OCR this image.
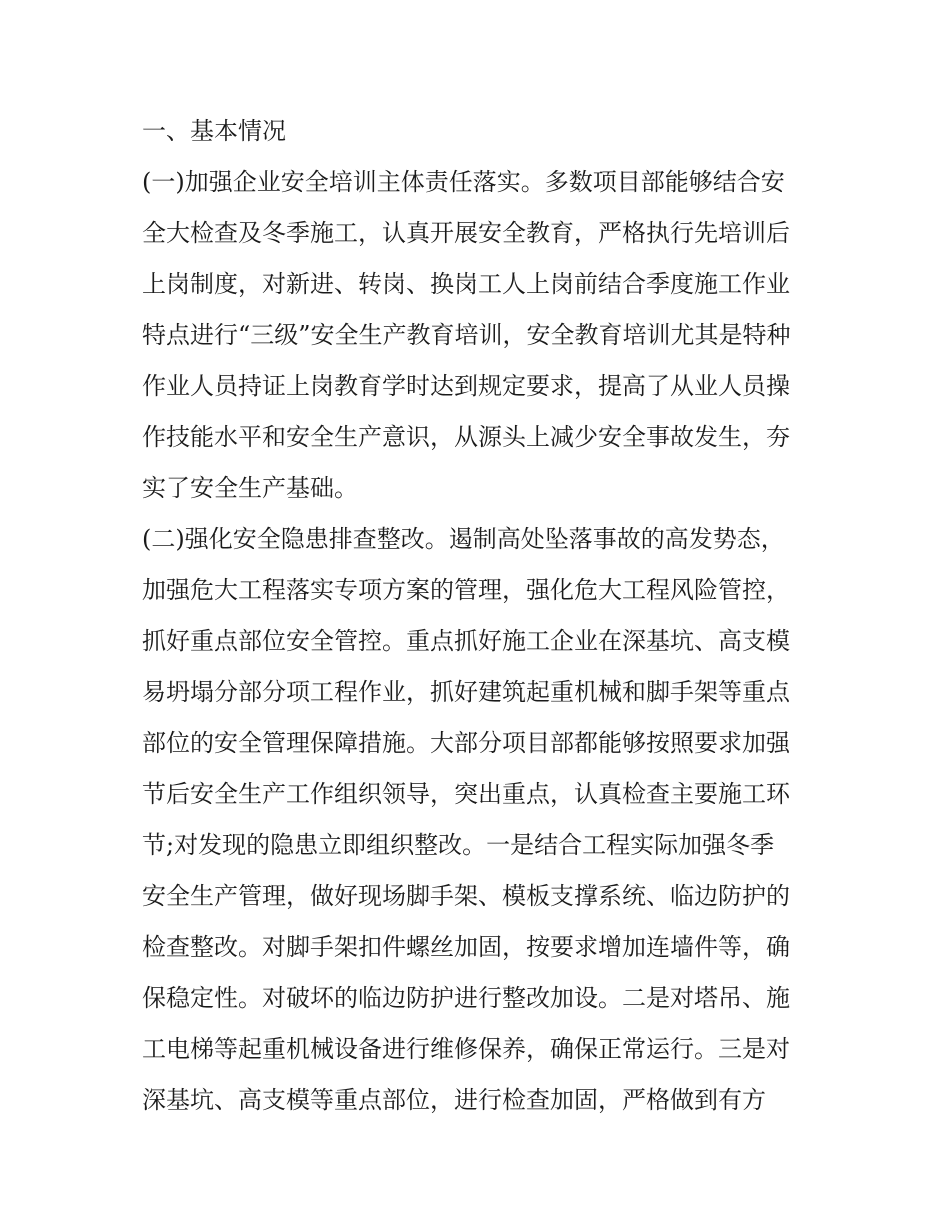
一、基本情况
(一)加强企业安全培训主体责任落实。多数项目部能够结合安
全大检查及冬季施工，认真开展安全教育，严格执行先培训后
上岗制度，对新进、转岗、换岗工人上岗前结合季度施工作业
特点进行“三级”安全生产教育培训，安全教育培训尤其是特种
作业人员持证上岗教育学时达到规定要求，提高了从业人员操
作技能水平和安全生产意识，从源头上减少安全事故发生，夯
实了安全生产基础。
(二)强化安全隐患排查整改。遏制高处坠落事故的高发势态，
加强危大工程落实专项方案的管理，强化危大工程风险管控，
抓好重点部位安全管控。重点抓好施工企业在深基坑、高支模
易坍塌分部分项工程作业，抓好建筑起重机械和脚手架等重点
部位的安全管理保障措施。大部分项目部都能够按照要求加强
节后安全生产工作组织领导，突出重点，认真检查主要施工环
节;对发现的隐患立即组织整改。一是结合工程实际加强冬季
安全生产管理，做好现场脚手架、模板支撑系统、临边防护的
检查整改。对脚手架扣件螺丝加固，按要求增加连墙件等，确
保稳定性。对破坏的临边防护进行整改加设。二是对塔吊、施
工电梯等起重机械设备进行维修保养，确保正常运行。三是对
深基坑、高支模等重点部位，进行检查加固，严格做到有方
